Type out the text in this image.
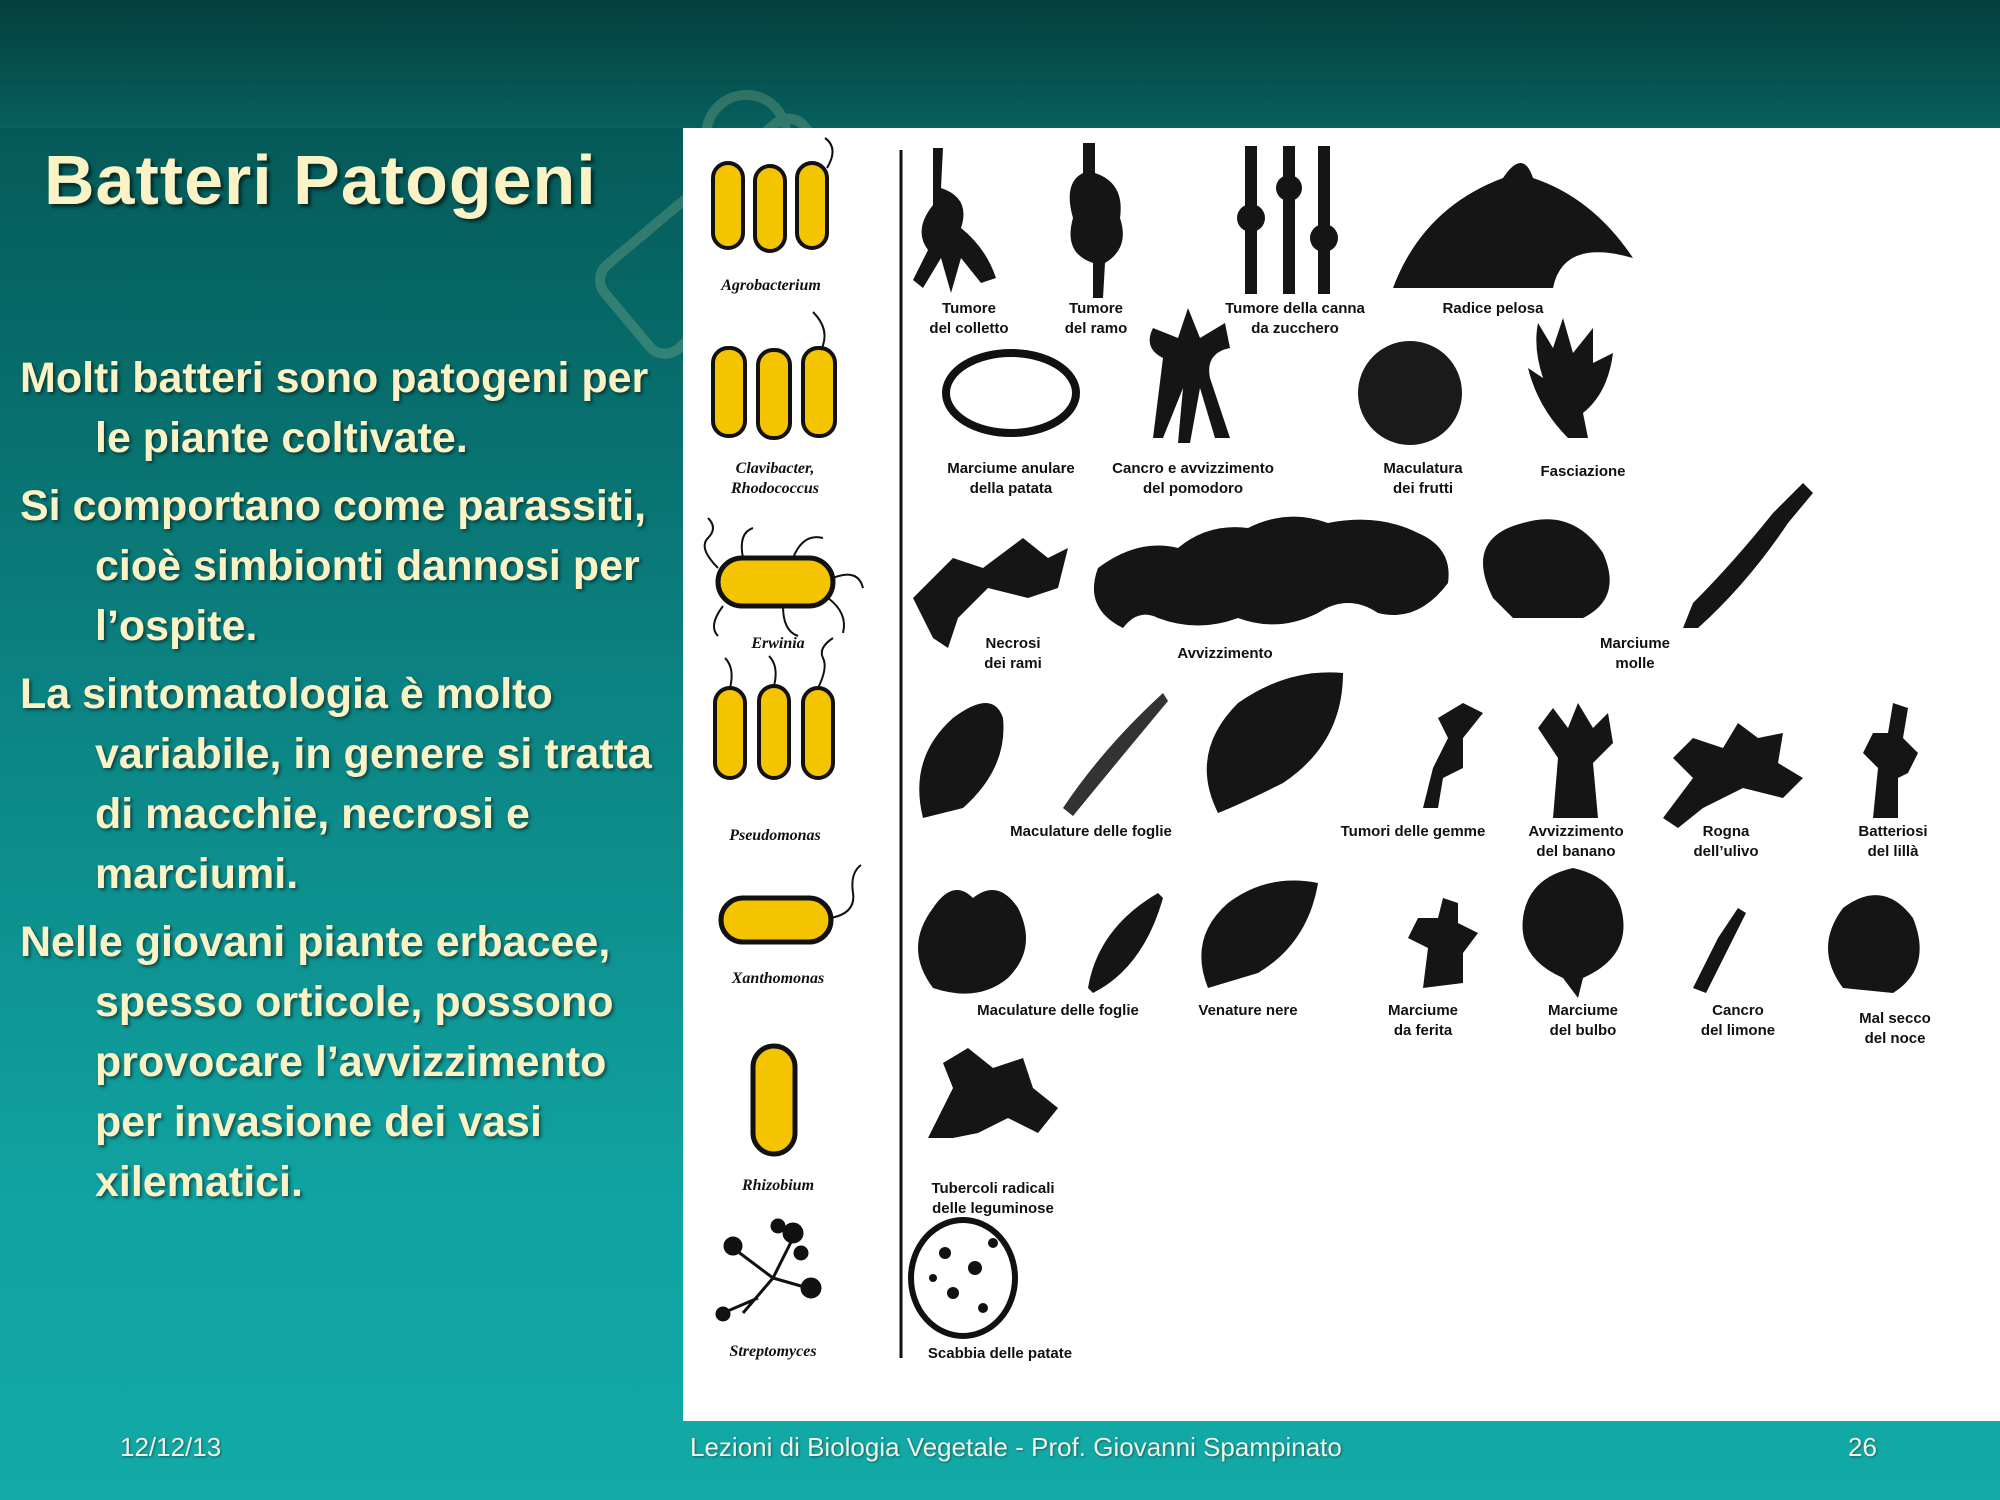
Batteri Patogeni

Molti batteri sono patogeni per le piante coltivate.

Si comportano come parassiti, cioè simbionti dannosi per l’ospite.

La sintomatologia è molto variabile, in genere si tratta di macchie, necrosi e marciumi.

Nelle giovani piante erbacee, spesso orticole, possono provocare l’avvizzimento per invasione dei vasi xilematici.

Agrobacterium
Clavibacter,
Rhodococcus
Erwinia
Pseudomonas
Xanthomonas
Rhizobium
Streptomyces
Tumore
del colletto
Tumore
del ramo
Tumore della canna
da zucchero
Radice pelosa
Marciume anulare
della patata
Cancro e avvizzimento
del pomodoro
Maculatura
dei frutti
Fasciazione
Necrosi
dei rami
Avvizzimento
Marciume
molle
Maculature delle foglie	Tumori delle gemme	Avvizzimento
del banano
Rogna
dell’ulivo
Batteriosi
del lillà
Maculature delle foglie	Venature nere	Marciume
da ferita
Marciume
del bulbo
Cancro
del limone
Mal secco
del noce
Tubercoli radicali
delle leguminose
Scabbia delle patate
12/12/13	Lezioni di Biologia Vegetale - Prof. Giovanni Spampinato	26
